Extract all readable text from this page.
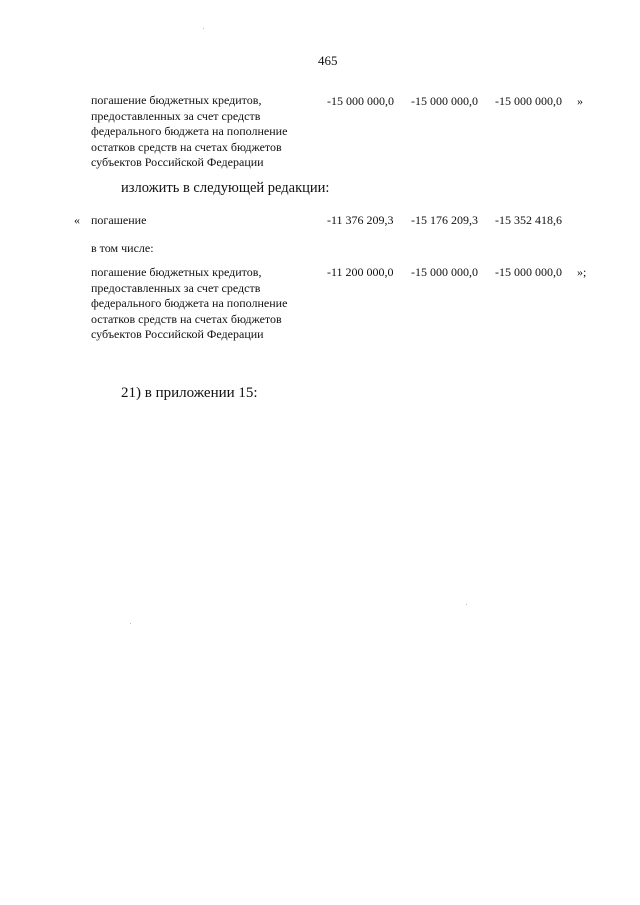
465
погашение бюджетных кредитов,
предоставленных за счет средств
федерального бюджета на пополнение
остатков средств на счетах бюджетов
субъектов Российской Федерации
-15 000 000,0 -15 000 000,0 -15 000 000,0 »
изложить в следующей редакции:
« погашение	-11 376 209,3 -15 176 209,3 -15 352 418,6
в том числе:
погашение бюджетных кредитов,
предоставленных за счет средств
федерального бюджета на пополнение
остатков средств на счетах бюджетов
субъектов Российской Федерации
-11 200 000,0 -15 000 000,0 -15 000 000,0 »;
21) в приложении 15:
